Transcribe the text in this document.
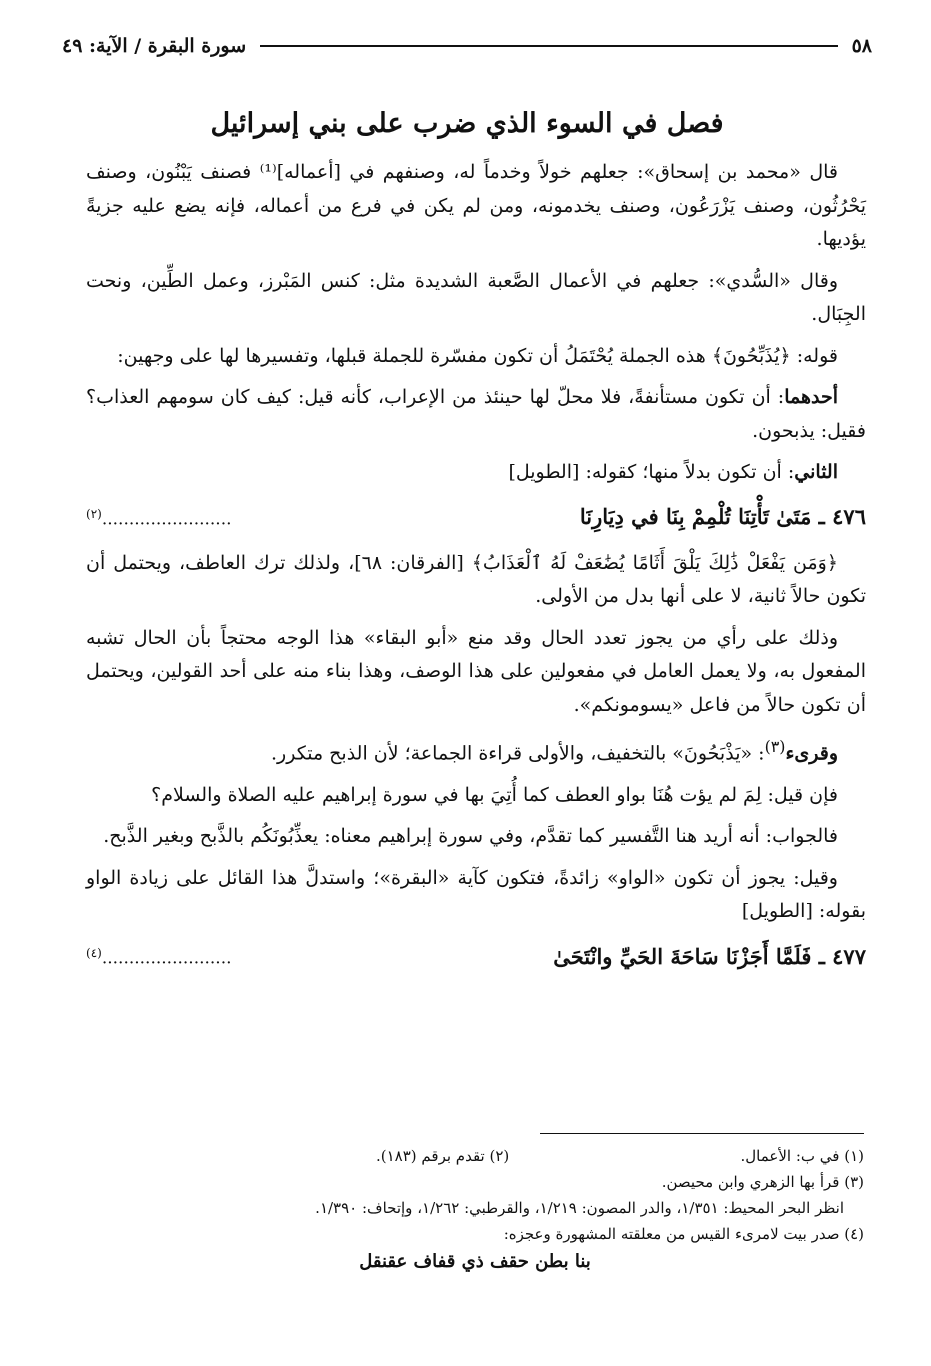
٥٨
سورة البقرة / الآية: ٤٩
فصل في السوء الذي ضرب على بني إسرائيل

قال «محمد بن إسحاق»: جعلهم خولاً وخدماً له، وصنفهم في [أعماله]⁽¹⁾ فصنف يَبْنُون، وصنف يَحْرُثُون، وصنف يَزْرَعُون، وصنف يخدمونه، ومن لم يكن في فرع من أعماله، فإنه يضع عليه جزيةً يؤديها.

وقال «السُّدي»: جعلهم في الأعمال الصَّعبة الشديدة مثل: كنس المَبْرز، وعمل الطِّين، ونحت الجِبَال.

قوله: ﴿يُذَبِّحُونَ﴾ هذه الجملة يُحْتَمَلُ أن تكون مفسّرة للجملة قبلها، وتفسيرها لها على وجهين:

أحدهما: أن تكون مستأنفةً، فلا محلّ لها حينئذ من الإعراب، كأنه قيل: كيف كان سومهم العذاب؟ فقيل: يذبحون.

الثاني: أن تكون بدلاً منها؛ كقوله: [الطويل]

٤٧٦ ـ مَتَىٰ تَأْتِنَا تُلْمِمْ بِنَا في دِيَارِنَا
$^{(٢)}$........................

﴿وَمَن يَفْعَلْ ذَٰلِكَ يَلْقَ أَثَامًا يُضَٰعَفْ لَهُ ٱلْعَذَابُ﴾ [الفرقان: ٦٨]، ولذلك ترك العاطف، ويحتمل أن تكون حالاً ثانية، لا على أنها بدل من الأولى.

وذلك على رأي من يجوز تعدد الحال وقد منع «أبو البقاء» هذا الوجه محتجاً بأن الحال تشبه المفعول به، ولا يعمل العامل في مفعولين على هذا الوصف، وهذا بناء منه على أحد القولين، ويحتمل أن تكون حالاً من فاعل «يسومونكم».

وقرىء$^{(٣)}$: «يَذْبَحُونَ» بالتخفيف، والأولى قراءة الجماعة؛ لأن الذبح متكرر.

فإن قيل: لِمَ لم يؤت هُنَا بواو العطف كما أُتِيَ بها في سورة إبراهيم عليه الصلاة والسلام؟

فالجواب: أنه أريد هنا التَّفسير كما تقدَّم، وفي سورة إبراهيم معناه: يعذِّبُونَكُم بالذَّبح وبغير الذَّبح.

وقيل: يجوز أن تكون «الواو» زائدةً، فتكون كآية «البقرة»؛ واستدلَّ هذا القائل على زيادة الواو بقوله: [الطويل]

٤٧٧ ـ فَلَمَّا أَجَزْنَا سَاحَةَ الحَيِّ وانْتَحَىٰ
$^{(٤)}$........................
(١) في ب: الأعمال.
(٢) تقدم برقم (١٨٣).
(٣) قرأ بها الزهري وابن محيصن.
انظر البحر المحيط: ١/٣٥١، والدر المصون: ١/٢١٩، والقرطبي: ١/٢٦٢، وإتحاف: ١/٣٩٠.
(٤) صدر بيت لامرىء القيس من معلقته المشهورة وعجزه:
بنا بطن حقف ذي قفاف عقنقل
